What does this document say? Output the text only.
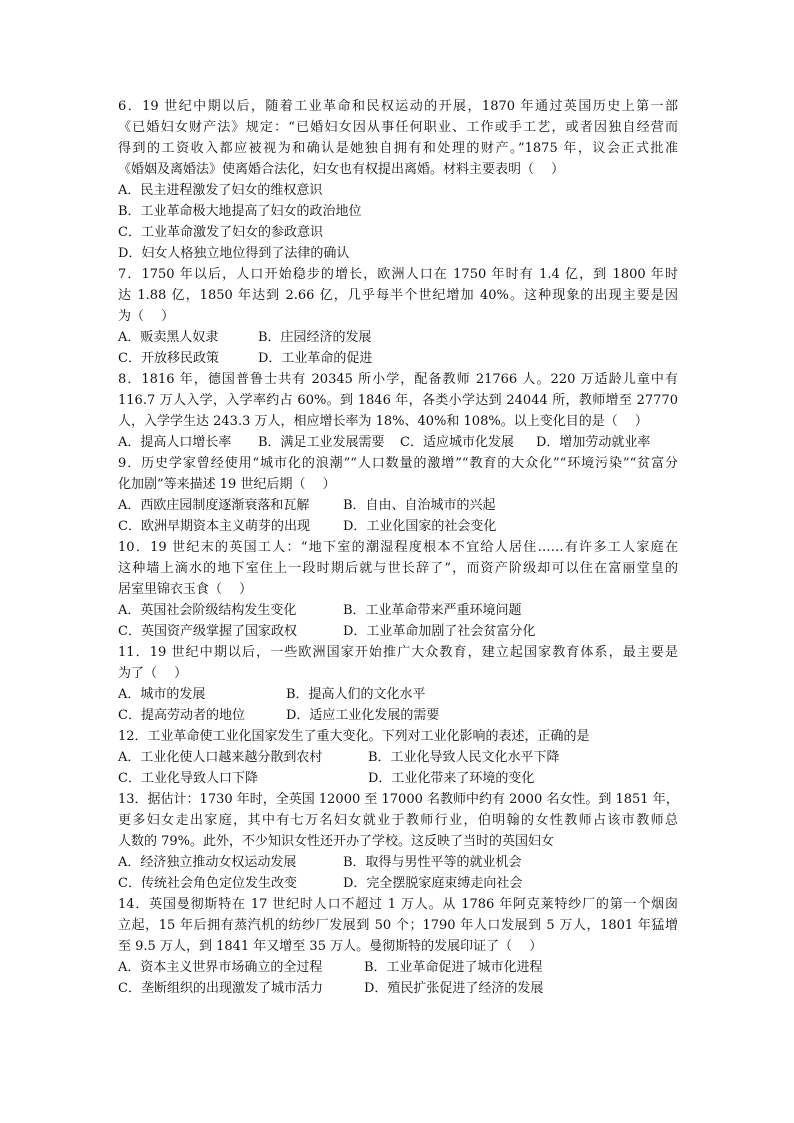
6．19 世纪中期以后，随着工业革命和民权运动的开展，1870 年通过英国历史上第一部
《已婚妇女财产法》规定：“已婚妇女因从事任何职业、工作或手工艺，或者因独自经营而
得到的工资收入都应被视为和确认是她独自拥有和处理的财产。”1875 年，议会正式批准
《婚姻及离婚法》使离婚合法化，妇女也有权提出离婚。材料主要表明（　 ）
A．民主进程激发了妇女的维权意识
B．工业革命极大地提高了妇女的政治地位
C．工业革命激发了妇女的参政意识
D．妇女人格独立地位得到了法律的确认
7．1750 年以后，人口开始稳步的增长，欧洲人口在 1750 年时有 1.4 亿，到 1800 年时
达 1.88 亿，1850 年达到 2.66 亿，几乎每半个世纪增加 40%。这种现象的出现主要是因
为（　 ）
A．贩卖黑人奴隶	B．庄园经济的发展
C．开放移民政策	D．工业革命的促进
8．1816 年，德国普鲁士共有 20345 所小学，配备教师 21766 人。220 万适龄儿童中有
116.7 万人入学，入学率约占 60%。到 1846 年，各类小学达到 24044 所，教师增至 27770
人，入学学生达 243.3 万人，相应增长率为 18%、40%和 108%。以上变化目的是（　 ）
A．提高人口增长率 B．满足工业发展需要 C．适应城市化发展 D．增加劳动就业率
9．历史学家曾经使用“城市化的浪潮”“人口数量的激增”“教育的大众化”“环境污染”“贫富分
化加剧”等来描述 19 世纪后期（　 ）
A．西欧庄园制度逐渐衰落和瓦解	B．自由、自治城市的兴起
C．欧洲早期资本主义萌芽的出现	D．工业化国家的社会变化
10．19 世纪末的英国工人：“地下室的潮湿程度根本不宜给人居住……有许多工人家庭在
这种墙上滴水的地下室住上一段时期后就与世长辞了”，而资产阶级却可以住在富丽堂皇的
居室里锦衣玉食（　 ）
A．英国社会阶级结构发生变化	B．工业革命带来严重环境问题
C．英国资产级掌握了国家政权	D．工业革命加剧了社会贫富分化
11．19 世纪中期以后，一些欧洲国家开始推广大众教育，建立起国家教育体系，最主要是
为了（　 ）
A．城市的发展	B．提高人们的文化水平
C．提高劳动者的地位	D．适应工业化发展的需要
12．工业革命使工业化国家发生了重大变化。下列对工业化影响的表述，正确的是
A．工业化使人口越来越分散到农村	B．工业化导致人民文化水平下降
C．工业化导致人口下降	D．工业化带来了环境的变化
13．据估计：1730 年时，全英国 12000 至 17000 名教师中约有 2000 名女性。到 1851 年，
更多妇女走出家庭，其中有七万名妇女就业于教师行业，伯明翰的女性教师占该市教师总
人数的 79%。此外，不少知识女性还开办了学校。这反映了当时的英国妇女
A．经济独立推动女权运动发展	B．取得与男性平等的就业机会
C．传统社会角色定位发生改变	D．完全摆脱家庭束缚走向社会
14．英国曼彻斯特在 17 世纪时人口不超过 1 万人。从 1786 年阿克莱特纱厂的第一个烟囱
立起，15 年后拥有蒸汽机的纺纱厂发展到 50 个；1790 年人口发展到 5 万人，1801 年猛增
至 9.5 万人，到 1841 年又增至 35 万人。曼彻斯特的发展印证了（　 ）
A．资本主义世界市场确立的全过程	B．工业革命促进了城市化进程
C．垄断组织的出现激发了城市活力	D．殖民扩张促进了经济的发展
